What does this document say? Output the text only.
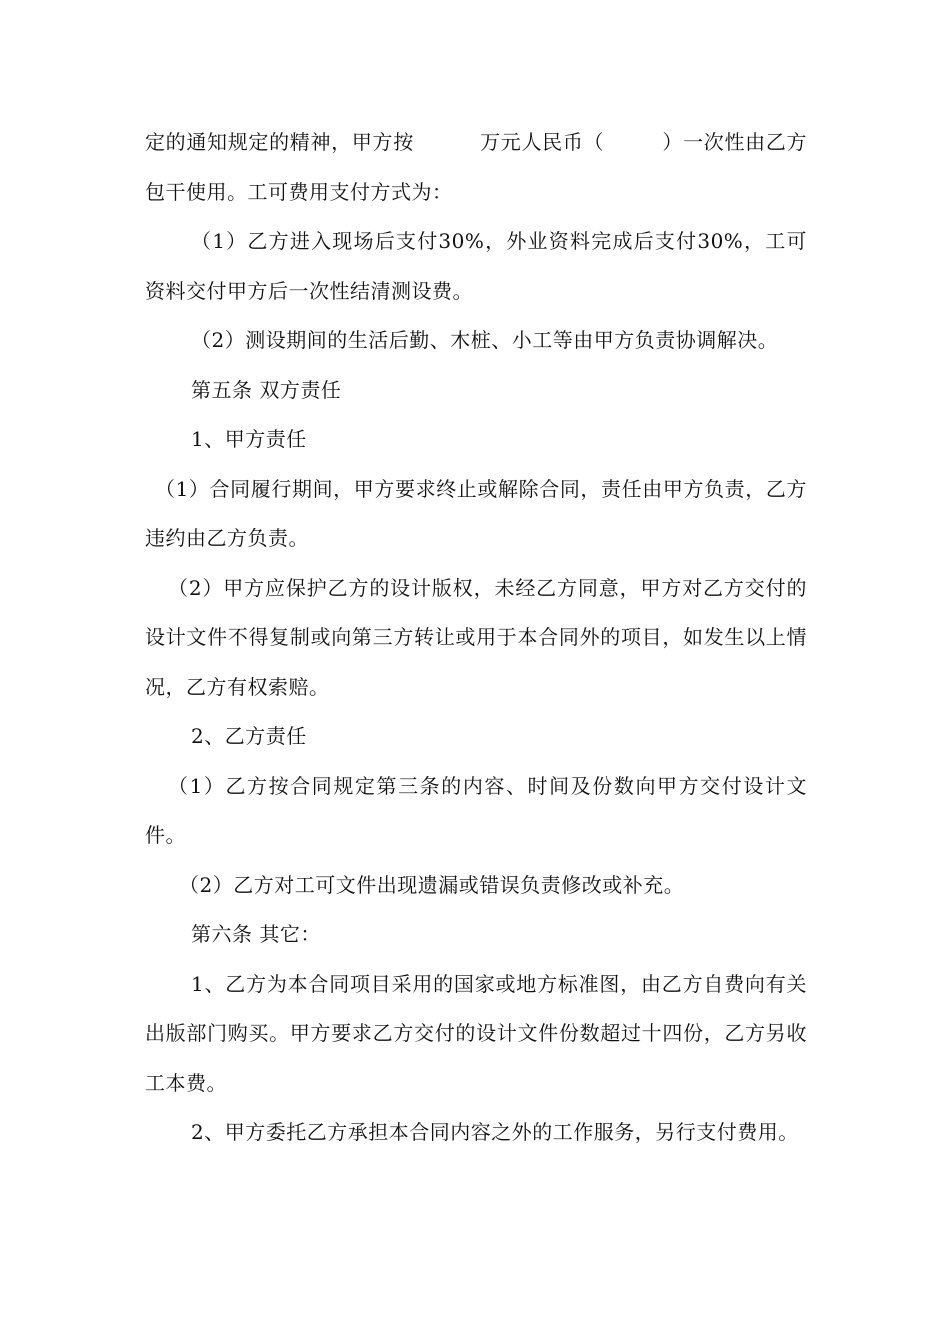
定的通知规定的精神，甲方按	万元人民币（	）一次性由乙方包干使用。工可费用支付方式为：

（1）乙方进入现场后支付30%，外业资料完成后支付30%，工可资料交付甲方后一次性结清测设费。

（2）测设期间的生活后勤、木桩、小工等由甲方负责协调解决。

第五条 双方责任

1、甲方责任

（1）合同履行期间，甲方要求终止或解除合同，责任由甲方负责，乙方违约由乙方负责。

（2）甲方应保护乙方的设计版权，未经乙方同意，甲方对乙方交付的设计文件不得复制或向第三方转让或用于本合同外的项目，如发生以上情况，乙方有权索赔。

2、乙方责任

（1）乙方按合同规定第三条的内容、时间及份数向甲方交付设计文件。

（2）乙方对工可文件出现遗漏或错误负责修改或补充。

第六条 其它：

1、乙方为本合同项目采用的国家或地方标准图，由乙方自费向有关出版部门购买。甲方要求乙方交付的设计文件份数超过十四份，乙方另收工本费。

2、甲方委托乙方承担本合同内容之外的工作服务，另行支付费用。
